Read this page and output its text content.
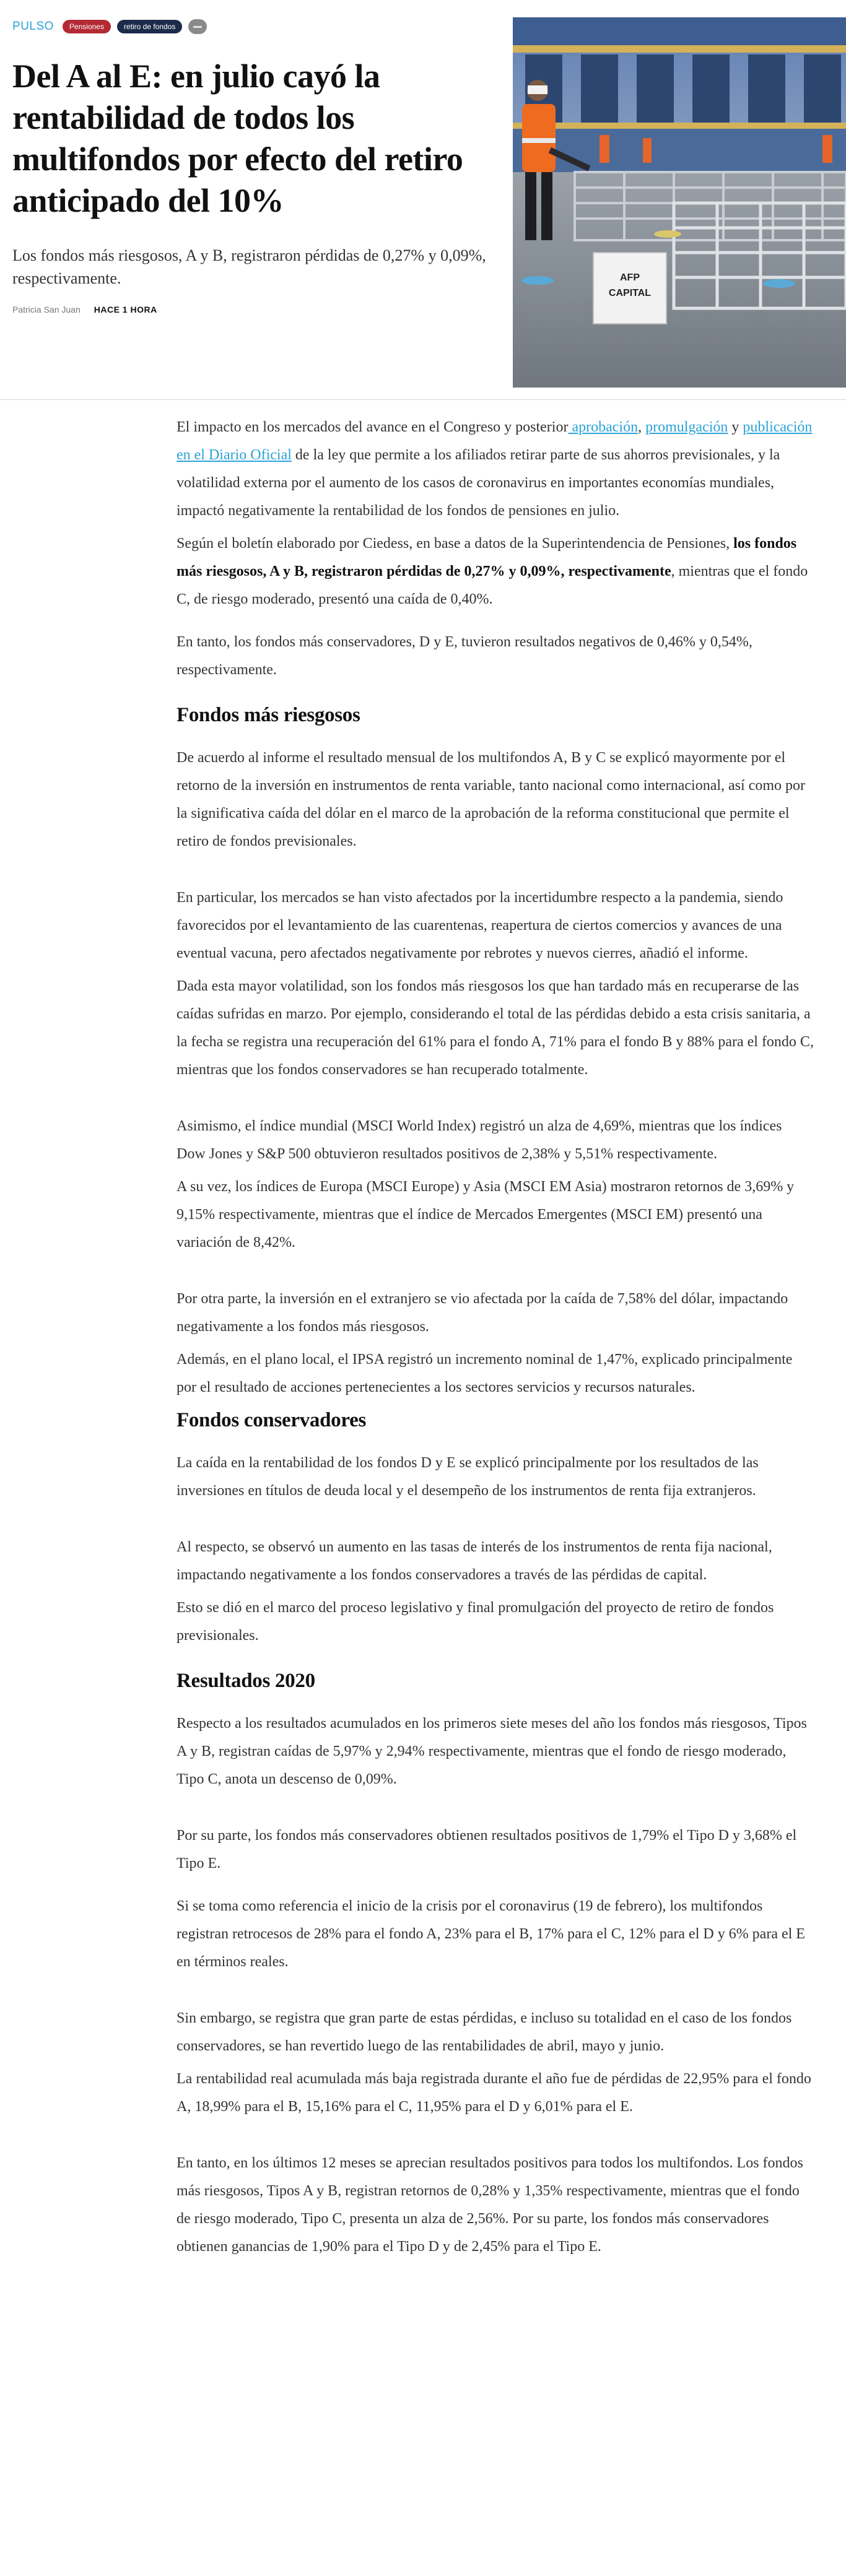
PULSO	Pensiones	retiro de fondos
Del A al E: en julio cayó la rentabilidad de todos los multifondos por efecto del retiro anticipado del 10%

Los fondos más riesgosos, A y B, registraron pérdidas de 0,27% y 0,09%, respectivamente.

Patricia San Juan HACE 1 HORA
AFP
CAPITAL

El impacto en los mercados del avance en el Congreso y posterior aprobación, promulgación y publicación en el Diario Oficial de la ley que permite a los afiliados retirar parte de sus ahorros previsionales, y la volatilidad externa por el aumento de los casos de coronavirus en importantes economías mundiales, impactó negativamente la rentabilidad de los fondos de pensiones en julio.

Según el boletín elaborado por Ciedess, en base a datos de la Superintendencia de Pensiones, los fondos más riesgosos, A y B, registraron pérdidas de 0,27% y 0,09%, respectivamente, mientras que el fondo C, de riesgo moderado, presentó una caída de 0,40%.

En tanto, los fondos más conservadores, D y E, tuvieron resultados negativos de 0,46% y 0,54%, respectivamente.

Fondos más riesgosos

De acuerdo al informe el resultado mensual de los multifondos A, B y C se explicó mayormente por el retorno de la inversión en instrumentos de renta variable, tanto nacional como internacional, así como por la significativa caída del dólar en el marco de la aprobación de la reforma constitucional que permite el retiro de fondos previsionales.

En particular, los mercados se han visto afectados por la incertidumbre respecto a la pandemia, siendo favorecidos por el levantamiento de las cuarentenas, reapertura de ciertos comercios y avances de una eventual vacuna, pero afectados negativamente por rebrotes y nuevos cierres, añadió el informe.

Dada esta mayor volatilidad, son los fondos más riesgosos los que han tardado más en recuperarse de las caídas sufridas en marzo. Por ejemplo, considerando el total de las pérdidas debido a esta crisis sanitaria, a la fecha se registra una recuperación del 61% para el fondo A, 71% para el fondo B y 88% para el fondo C, mientras que los fondos conservadores se han recuperado totalmente.

Asimismo, el índice mundial (MSCI World Index) registró un alza de 4,69%, mientras que los índices Dow Jones y S&P 500 obtuvieron resultados positivos de 2,38% y 5,51% respectivamente.

A su vez, los índices de Europa (MSCI Europe) y Asia (MSCI EM Asia) mostraron retornos de 3,69% y 9,15% respectivamente, mientras que el índice de Mercados Emergentes (MSCI EM) presentó una variación de 8,42%.

Por otra parte, la inversión en el extranjero se vio afectada por la caída de 7,58% del dólar, impactando negativamente a los fondos más riesgosos.

Además, en el plano local, el IPSA registró un incremento nominal de 1,47%, explicado principalmente por el resultado de acciones pertenecientes a los sectores servicios y recursos naturales.

Fondos conservadores

La caída en la rentabilidad de los fondos D y E se explicó principalmente por los resultados de las inversiones en títulos de deuda local y el desempeño de los instrumentos de renta fija extranjeros.

Al respecto, se observó un aumento en las tasas de interés de los instrumentos de renta fija nacional, impactando negativamente a los fondos conservadores a través de las pérdidas de capital.

Esto se dió en el marco del proceso legislativo y final promulgación del proyecto de retiro de fondos previsionales.

Resultados 2020

Respecto a los resultados acumulados en los primeros siete meses del año los fondos más riesgosos, Tipos A y B, registran caídas de 5,97% y 2,94% respectivamente, mientras que el fondo de riesgo moderado, Tipo C, anota un descenso de 0,09%.

Por su parte, los fondos más conservadores obtienen resultados positivos de 1,79% el Tipo D y 3,68% el Tipo E.

Si se toma como referencia el inicio de la crisis por el coronavirus (19 de febrero), los multifondos registran retrocesos de 28% para el fondo A, 23% para el B, 17% para el C, 12% para el D y 6% para el E en términos reales.

Sin embargo, se registra que gran parte de estas pérdidas, e incluso su totalidad en el caso de los fondos conservadores, se han revertido luego de las rentabilidades de abril, mayo y junio.

La rentabilidad real acumulada más baja registrada durante el año fue de pérdidas de 22,95% para el fondo A, 18,99% para el B, 15,16% para el C, 11,95% para el D y 6,01% para el E.

En tanto, en los últimos 12 meses se aprecian resultados positivos para todos los multifondos. Los fondos más riesgosos, Tipos A y B, registran retornos de 0,28% y 1,35% respectivamente, mientras que el fondo de riesgo moderado, Tipo C, presenta un alza de 2,56%. Por su parte, los fondos más conservadores obtienen ganancias de 1,90% para el Tipo D y de 2,45% para el Tipo E.
